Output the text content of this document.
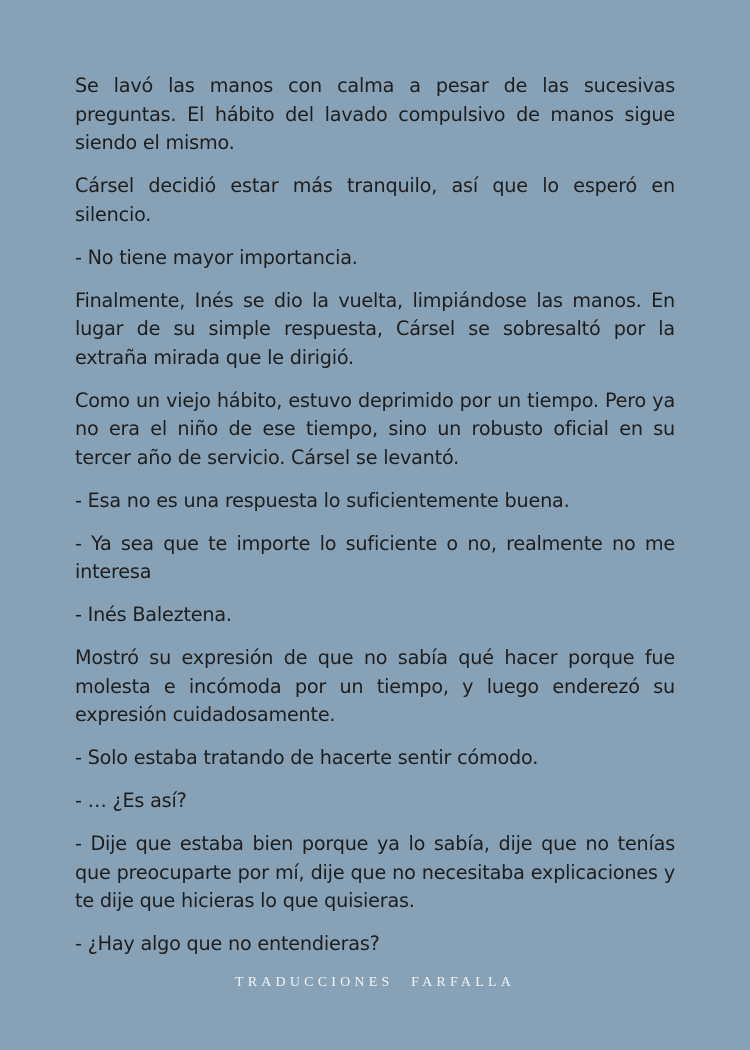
Se lavó las manos con calma a pesar de las sucesivas preguntas. El hábito del lavado compulsivo de manos sigue siendo el mismo.

Cársel decidió estar más tranquilo, así que lo esperó en silencio.

- No tiene mayor importancia.

Finalmente, Inés se dio la vuelta, limpiándose las manos. En lugar de su simple respuesta, Cársel se sobresaltó por la extraña mirada que le dirigió.

Como un viejo hábito, estuvo deprimido por un tiempo. Pero ya no era el niño de ese tiempo, sino un robusto oficial en su tercer año de servicio. Cársel se levantó.

- Esa no es una respuesta lo suficientemente buena.

- Ya sea que te importe lo suficiente o no, realmente no me interesa

- Inés Baleztena.

Mostró su expresión de que no sabía qué hacer porque fue molesta e incómoda por un tiempo, y luego enderezó su expresión cuidadosamente.

- Solo estaba tratando de hacerte sentir cómodo.

- … ¿Es así?

- Dije que estaba bien porque ya lo sabía, dije que no tenías que preocuparte por mí, dije que no necesitaba explicaciones y te dije que hicieras lo que quisieras.

- ¿Hay algo que no entendieras?

TRADUCCIONES FARFALLA
